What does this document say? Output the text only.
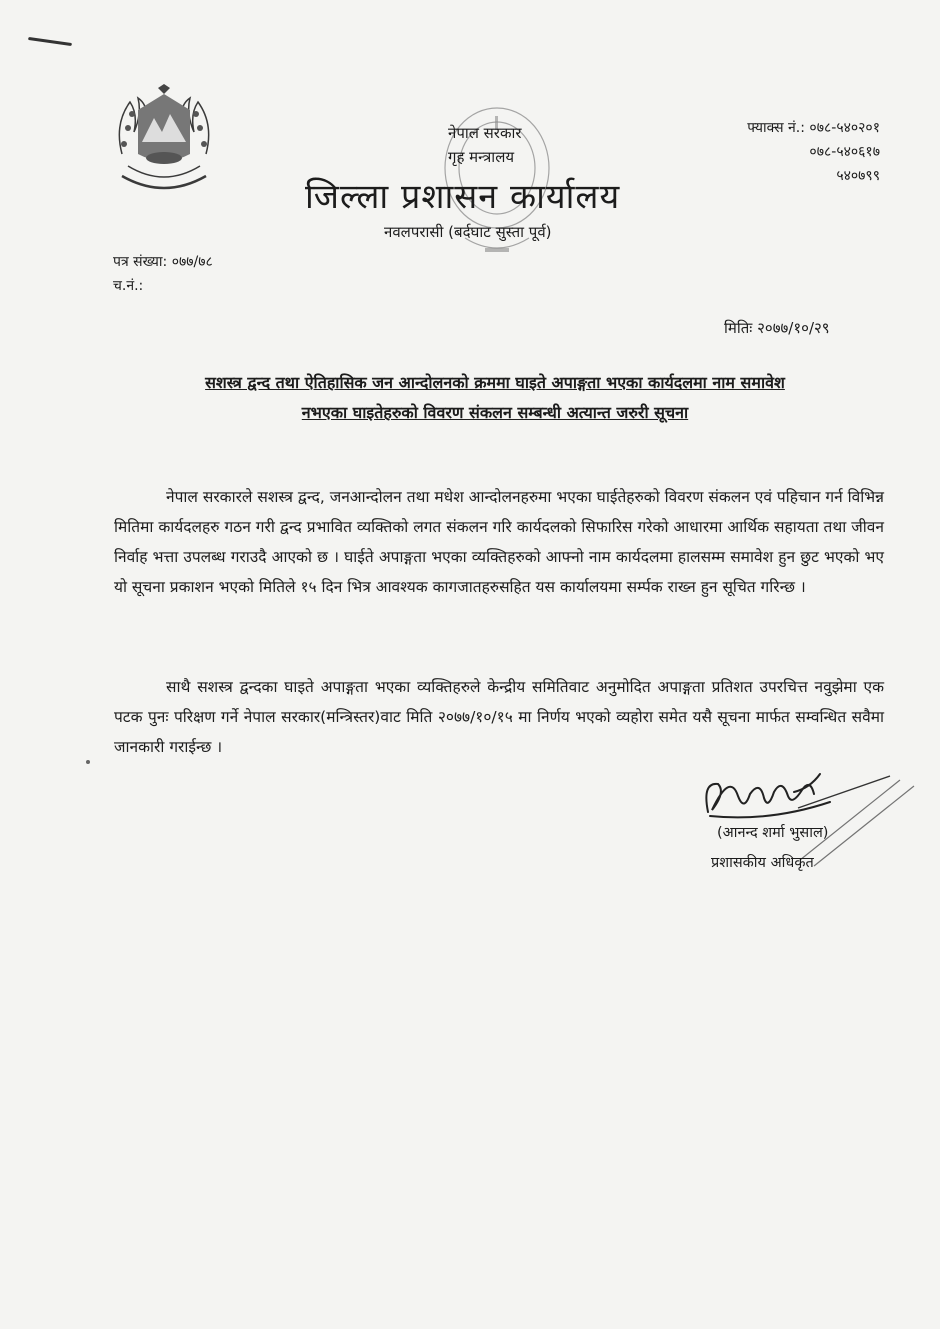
नेपाल सरकार
गृह मन्त्रालय
जिल्ला प्रशासन कार्यालय
नवलपरासी (बर्दघाट सुस्ता पूर्व)
फ्याक्स नं.: ०७८-५४०२०१
०७८-५४०६१७
५४०७९९
पत्र संख्या: ०७७/७८
च.नं.:
मितिः २०७७/१०/२९
सशस्त्र द्वन्द तथा ऐतिहासिक जन आन्दोलनको क्रममा घाइते अपाङ्गता भएका कार्यदलमा नाम समावेश
नभएका घाइतेहरुको विवरण संकलन सम्बन्धी अत्यान्त जरुरी सूचना
नेपाल सरकारले सशस्त्र द्वन्द, जनआन्दोलन तथा मधेश आन्दोलनहरुमा भएका घाईतेहरुको विवरण संकलन एवं पहिचान गर्न विभिन्न मितिमा कार्यदलहरु गठन गरी द्वन्द प्रभावित व्यक्तिको लगत संकलन गरि कार्यदलको सिफारिस गरेको आधारमा आर्थिक सहायता तथा जीवन निर्वाह भत्ता उपलब्ध गराउदै आएको छ । घाईते अपाङ्गता भएका व्यक्तिहरुको आफ्नो नाम कार्यदलमा हालसम्म समावेश हुन छुट भएको भए यो सूचना प्रकाशन भएको मितिले १५ दिन भित्र आवश्यक कागजातहरुसहित यस कार्यालयमा सर्म्पक राख्न हुन सूचित गरिन्छ ।
साथै सशस्त्र द्वन्दका घाइते अपाङ्गता भएका व्यक्तिहरुले केन्द्रीय समितिवाट अनुमोदित अपाङ्गता प्रतिशत उपरचित्त नवुझेमा एक पटक पुनः परिक्षण गर्ने नेपाल सरकार(मन्त्रिस्तर)वाट मिति २०७७/१०/१५ मा निर्णय भएको व्यहोरा समेत यसै सूचना मार्फत सम्वन्धित सवैमा जानकारी गराईन्छ ।
(आनन्द शर्मा भुसाल)
प्रशासकीय अधिकृत
